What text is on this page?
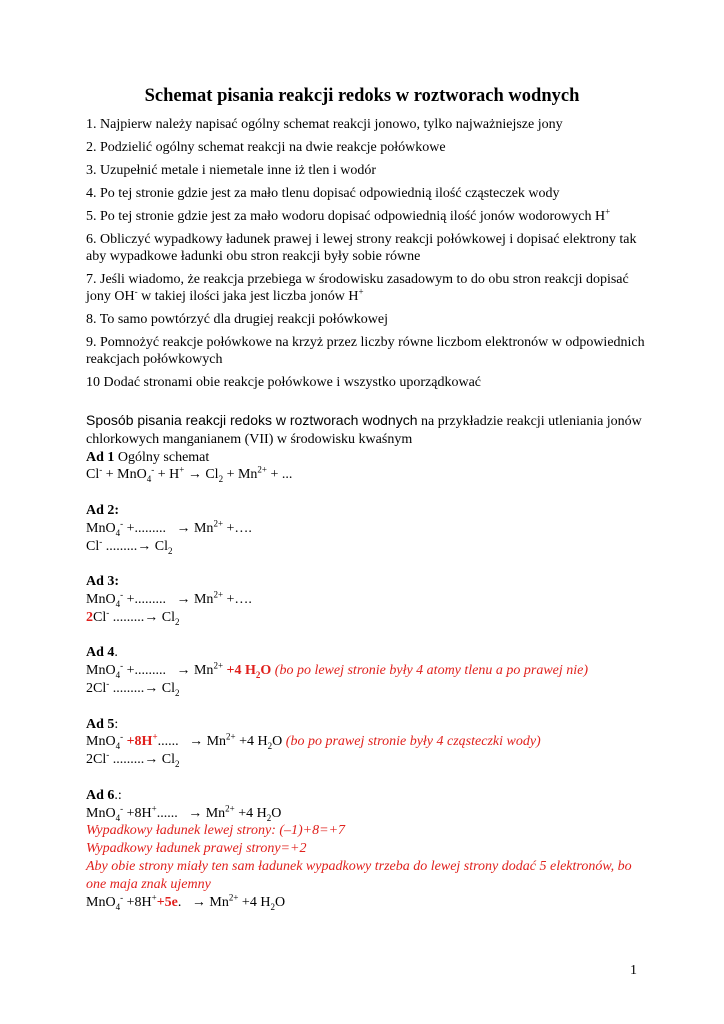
Schemat pisania reakcji redoks w roztworach wodnych

1. Najpierw należy napisać ogólny schemat reakcji jonowo, tylko najważniejsze jony

2. Podzielić ogólny schemat reakcji na dwie reakcje połówkowe

3. Uzupełnić metale i niemetale inne iż tlen i wodór

4. Po tej stronie gdzie jest za mało tlenu dopisać odpowiednią ilość cząsteczek wody

5. Po tej stronie gdzie jest za mało wodoru dopisać odpowiednią ilość jonów wodorowych H+

6. Obliczyć wypadkowy ładunek prawej i lewej strony reakcji połówkowej i dopisać elektrony tak aby wypadkowe ładunki obu stron reakcji były sobie równe

7. Jeśli wiadomo, że reakcja przebiega w środowisku zasadowym to do obu stron reakcji dopisać jony OH- w takiej ilości jaka jest liczba jonów H+

8. To samo powtórzyć dla drugiej reakcji połówkowej

9. Pomnożyć reakcje połówkowe na krzyż przez liczby równe liczbom elektronów w odpowiednich reakcjach połówkowych

10 Dodać stronami obie reakcje połówkowe i wszystko uporządkować

Sposób pisania reakcji redoks w roztworach wodnych na przykładzie reakcji utleniania jonów chlorkowych manganianem (VII) w środowisku kwaśnym

Ad 1 Ogólny schemat

$Cl^- + MnO_4^- + H^+ \to Cl_2 + Mn^{2+}$ + ...

Ad 2:

MnO$_4$- +......... → $Mn^{2+}$ +….

Cl- .........→ $Cl_2$

Ad 3:

MnO$_4$- +......... → $Mn^{2+}$ +….

2Cl- .........→ $Cl_2$

Ad 4.

MnO$_4$- +......... → $Mn^{2+} +4$ $H_2O$ (bo po lewej stronie były 4 atomy tlenu a po prawej nie)

2Cl- .........→ $Cl_2$

Ad 5:

MnO$_4$- +8H+...... → $Mn^{2+} +4$ $H_2O$ (bo po prawej stronie były 4 cząsteczki wody)

2Cl- .........→ $Cl_2$

Ad 6.:

MnO$_4$- +8H+...... → $Mn^{2+} +4$ $H_2O$

Wypadkowy ładunek lewej strony: (–1)+8=+7

Wypadkowy ładunek prawej strony=+2

Aby obie strony miały ten sam ładunek wypadkowy trzeba do lewej strony dodać 5 elektronów, bo one maja znak ujemny

MnO$_4$- +8H++5e. → $Mn^{2+} +4$ $H_2O$

1
